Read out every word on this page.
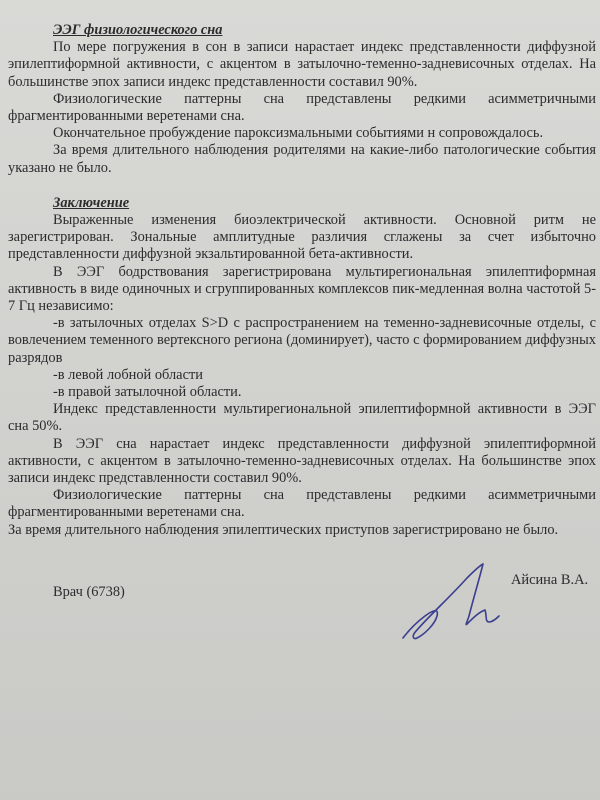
ЭЭГ физиологического сна

По мере погружения в сон в записи нарастает индекс представленности диффузной эпилептиформной активности, с акцентом в затылочно-теменно-задневисочных отделах. На большинстве эпох записи индекс представленности составил 90%.

Физиологические паттерны сна представлены редкими асимметричными фрагментированными веретенами сна.

Окончательное пробуждение пароксизмальными событиями н сопровождалось.

За время длительного наблюдения родителями на какие-либо патологические события указано не было.

Заключение

Выраженные изменения биоэлектрической активности. Основной ритм не зарегистрирован. Зональные амплитудные различия сглажены за счет избыточно представленности диффузной экзальтированной бета-активности.

В ЭЭГ бодрствования зарегистрирована мультирегиональная эпилептиформная активность в виде одиночных и сгруппированных комплексов пик-медленная волна частотой 5-7 Гц независимо:

-в затылочных отделах S>D с распространением на теменно-задневисочные отделы, с вовлечением теменного вертексного региона (доминирует), часто с формированием диффузных разрядов

-в левой лобной области

-в правой затылочной области.

Индекс представленности мультирегиональной эпилептиформной активности в ЭЭГ сна 50%.

В ЭЭГ сна нарастает индекс представленности диффузной эпилептиформной активности, с акцентом в затылочно-теменно-задневисочных отделах. На большинстве эпох записи индекс представленности составил 90%.

Физиологические паттерны сна представлены редкими асимметричными фрагментированными веретенами сна.

За время длительного наблюдения эпилептических приступов зарегистрировано не было.

Врач (6738)
Айсина В.А.
